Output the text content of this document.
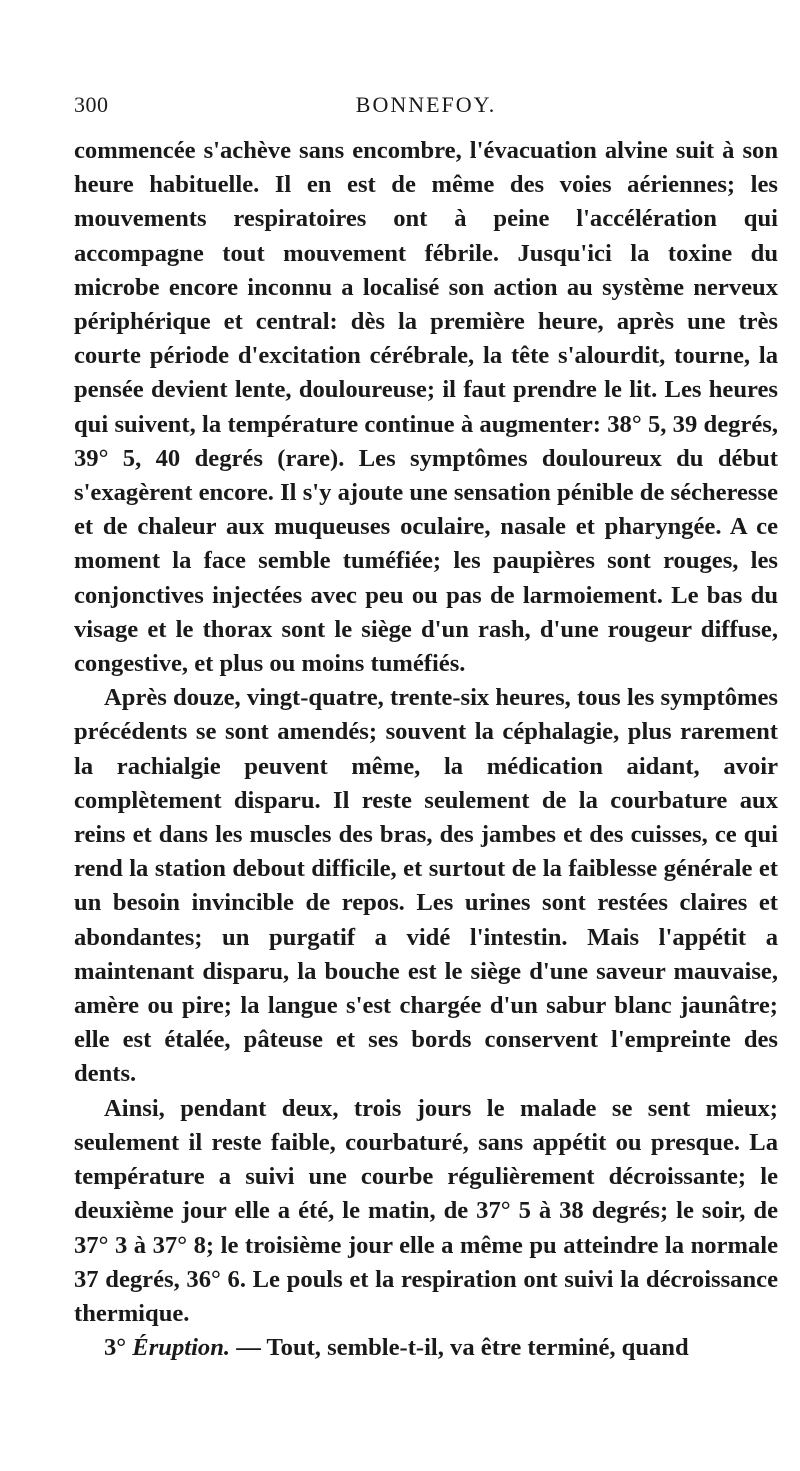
300	BONNEFOY.

commencée s'achève sans encombre, l'évacuation alvine suit à son heure habituelle. Il en est de même des voies aériennes; les mouvements respiratoires ont à peine l'accélération qui accompagne tout mouvement fébrile. Jusqu'ici la toxine du microbe encore inconnu a localisé son action au système nerveux périphérique et central: dès la première heure, après une très courte période d'excitation cérébrale, la tête s'alourdit, tourne, la pensée devient lente, douloureuse; il faut prendre le lit. Les heures qui suivent, la température continue à augmenter: 38° 5, 39 degrés, 39° 5, 40 degrés (rare). Les symptômes douloureux du début s'exagèrent encore. Il s'y ajoute une sensation pénible de sécheresse et de chaleur aux muqueuses oculaire, nasale et pharyngée. A ce moment la face semble tuméfiée; les paupières sont rouges, les conjonctives injectées avec peu ou pas de larmoiement. Le bas du visage et le thorax sont le siège d'un rash, d'une rougeur diffuse, congestive, et plus ou moins tuméfiés.

Après douze, vingt-quatre, trente-six heures, tous les symptômes précédents se sont amendés; souvent la céphalagie, plus rarement la rachialgie peuvent même, la médication aidant, avoir complètement disparu. Il reste seulement de la courbature aux reins et dans les muscles des bras, des jambes et des cuisses, ce qui rend la station debout difficile, et surtout de la faiblesse générale et un besoin invincible de repos. Les urines sont restées claires et abondantes; un purgatif a vidé l'intestin. Mais l'appétit a maintenant disparu, la bouche est le siège d'une saveur mauvaise, amère ou pire; la langue s'est chargée d'un sabur blanc jaunâtre; elle est étalée, pâteuse et ses bords conservent l'empreinte des dents.

Ainsi, pendant deux, trois jours le malade se sent mieux; seulement il reste faible, courbaturé, sans appétit ou presque. La température a suivi une courbe régulièrement décroissante; le deuxième jour elle a été, le matin, de 37° 5 à 38 degrés; le soir, de 37° 3 à 37° 8; le troisième jour elle a même pu atteindre la normale 37 degrés, 36° 6. Le pouls et la respiration ont suivi la décroissance thermique.

3° Éruption. — Tout, semble-t-il, va être terminé, quand
